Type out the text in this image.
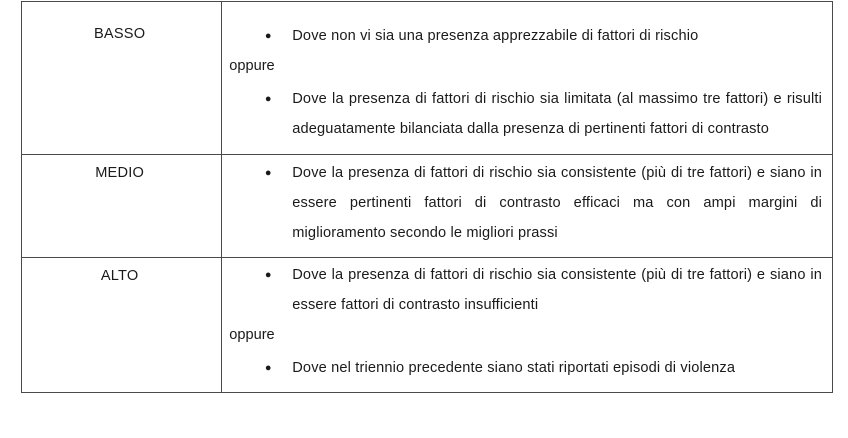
BASSO	● Dove non vi sia una presenza apprezzabile di fattori di rischio
oppure
● Dove la presenza di fattori di rischio sia limitata (al massimo tre fattori) e risulti adeguatamente bilanciata dalla presenza di pertinenti fattori di contrasto

MEDIO	● Dove la presenza di fattori di rischio sia consistente (più di tre fattori) e siano in essere pertinenti fattori di contrasto efficaci ma con ampi margini di miglioramento secondo le migliori prassi

ALTO	● Dove la presenza di fattori di rischio sia consistente (più di tre fattori) e siano in essere fattori di contrasto insufficienti
oppure
● Dove nel triennio precedente siano stati riportati episodi di violenza
